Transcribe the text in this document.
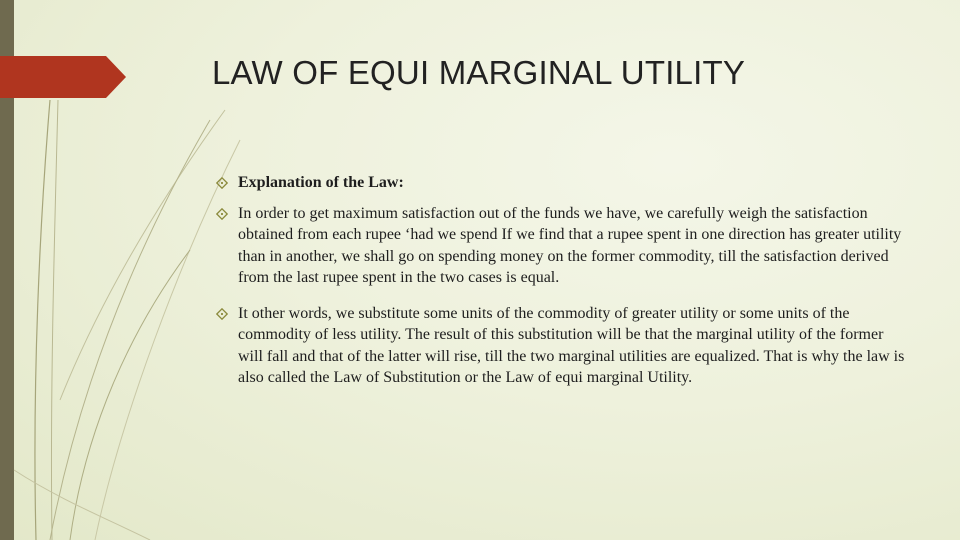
LAW OF EQUI MARGINAL UTILITY
Explanation of the Law:
In order to get maximum satisfaction out of the funds we have, we carefully weigh the satisfaction obtained from each rupee ‘had we spend If we find that a rupee spent in one direction has greater utility than in another, we shall go on spending money on the former commodity, till the satisfaction derived from the last rupee spent in the two cases is equal.
It other words, we substitute some units of the commodity of greater utility or some units of the commodity of less utility. The result of this substitution will be that the marginal utility of the former will fall and that of the latter will rise, till the two marginal utilities are equalized. That is why the law is also called the Law of Substitution or the Law of equi marginal Utility.
